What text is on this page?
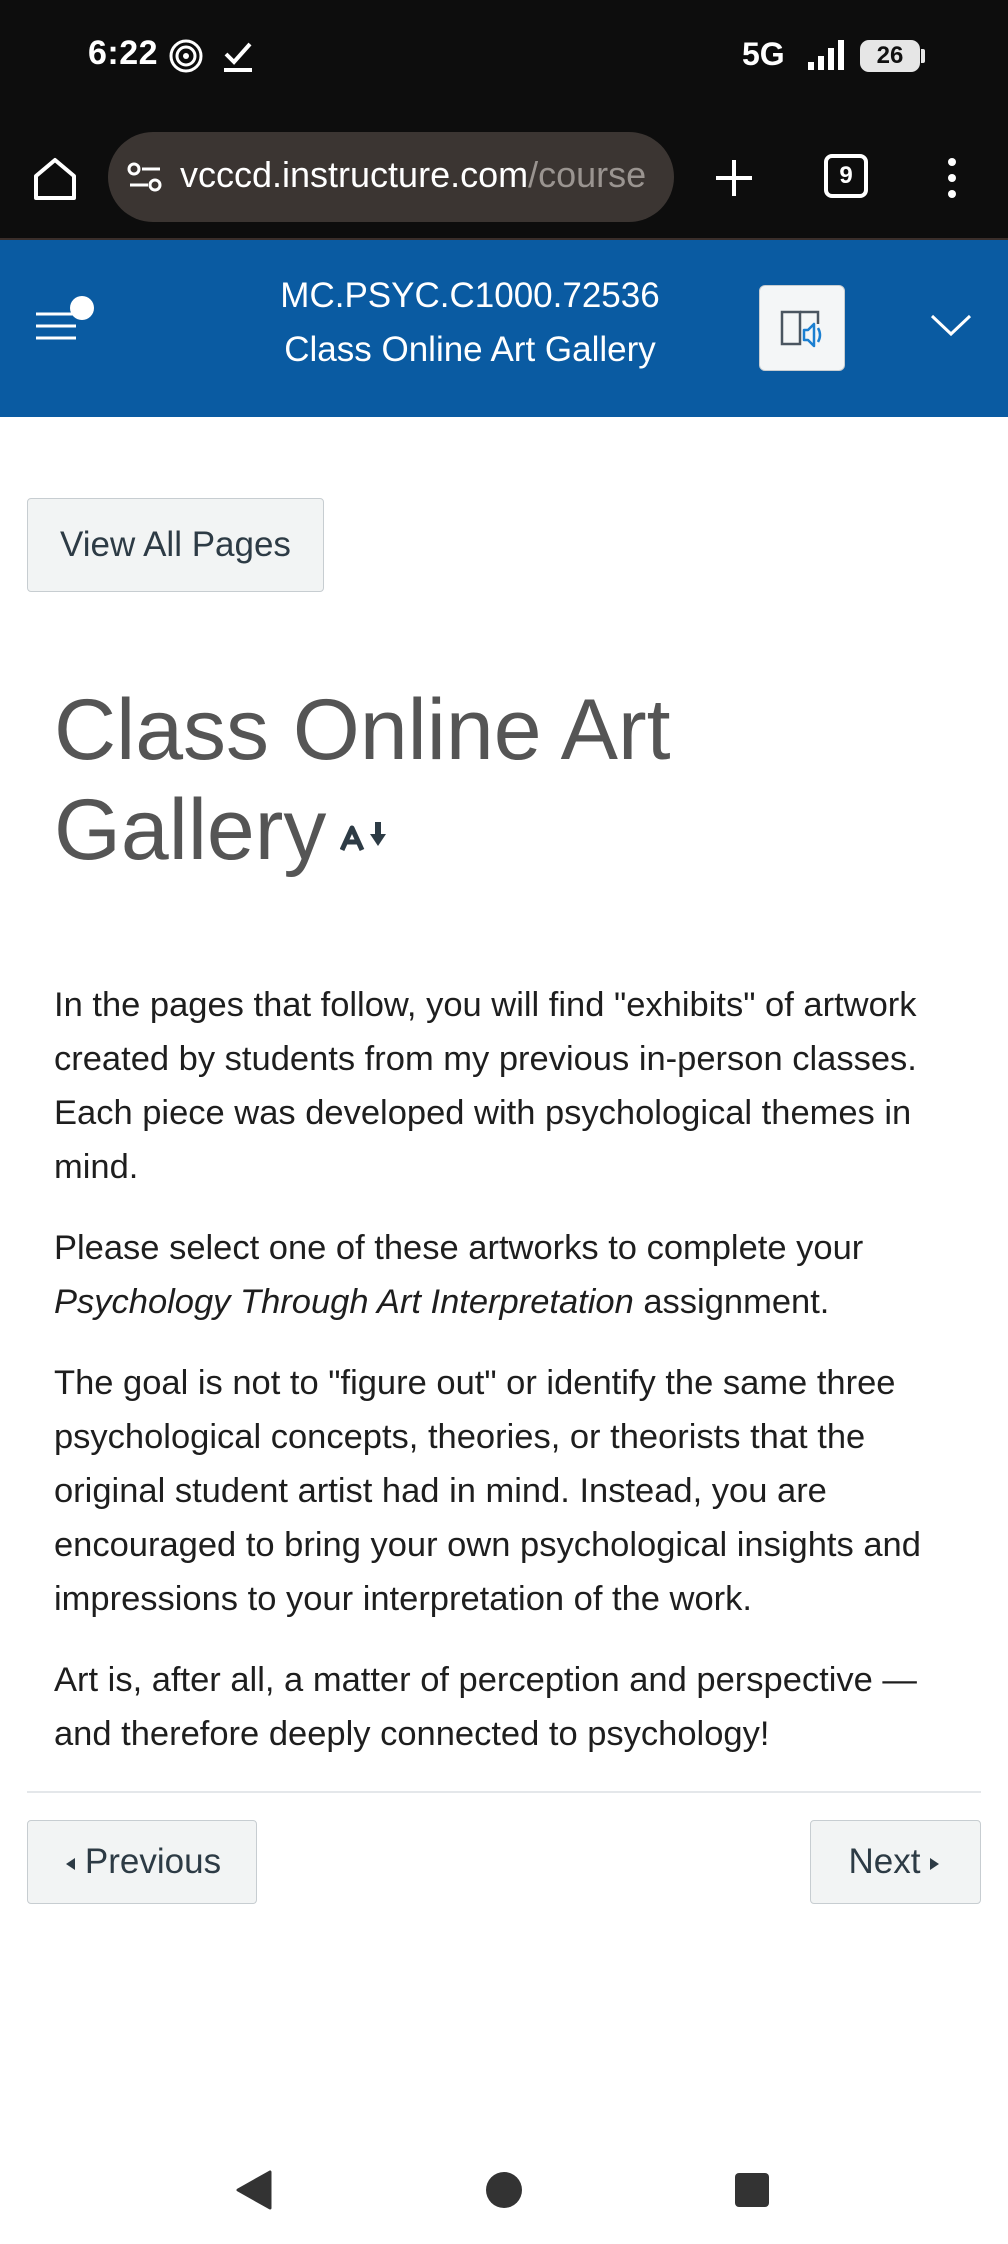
6:22	5G	26
vcccd.instructure.com/course	9
MC.PSYC.C1000.72536
Class Online Art Gallery
View All Pages
Class Online Art
Gallery

In the pages that follow, you will find "exhibits" of artwork created by students from my previous in-person classes. Each piece was developed with psychological themes in mind.

Please select one of these artworks to complete your Psychology Through Art Interpretation assignment.

The goal is not to "figure out" or identify the same three psychological concepts, theories, or theorists that the original student artist had in mind. Instead, you are encouraged to bring your own psychological insights and impressions to your interpretation of the work.

Art is, after all, a matter of perception and perspective — and therefore deeply connected to psychology!

Previous	Next
